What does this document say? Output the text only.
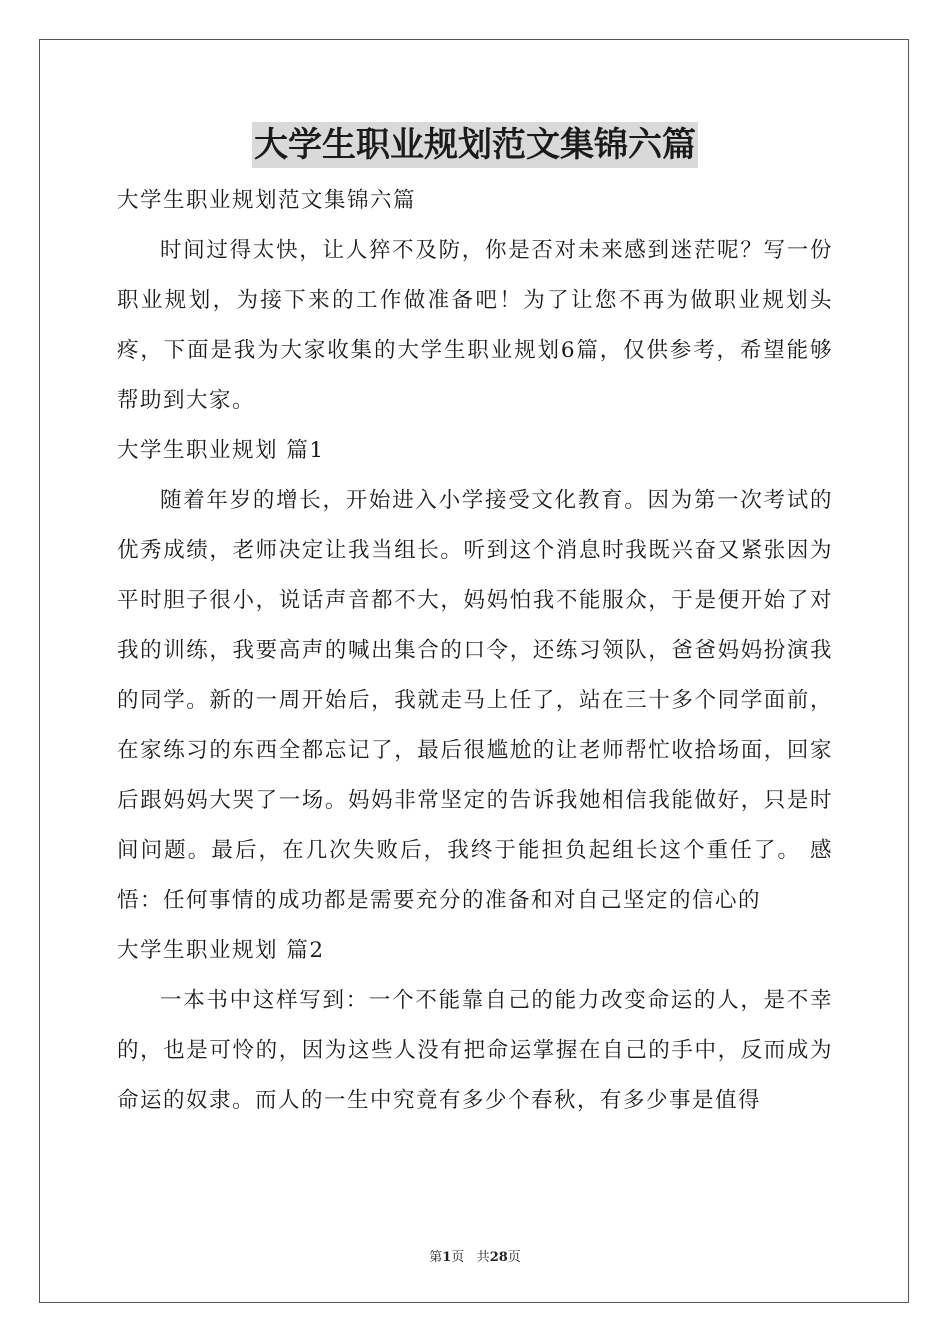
大学生职业规划范文集锦六篇

大学生职业规划范文集锦六篇

时间过得太快，让人猝不及防，你是否对未来感到迷茫呢？写一份职业规划，为接下来的工作做准备吧！为了让您不再为做职业规划头疼，下面是我为大家收集的大学生职业规划6篇，仅供参考，希望能够帮助到大家。

大学生职业规划 篇1

随着年岁的增长，开始进入小学接受文化教育。因为第一次考试的优秀成绩，老师决定让我当组长。听到这个消息时我既兴奋又紧张因为平时胆子很小，说话声音都不大，妈妈怕我不能服众，于是便开始了对我的训练，我要高声的喊出集合的口令，还练习领队，爸爸妈妈扮演我的同学。新的一周开始后，我就走马上任了，站在三十多个同学面前，在家练习的东西全都忘记了，最后很尴尬的让老师帮忙收拾场面，回家后跟妈妈大哭了一场。妈妈非常坚定的告诉我她相信我能做好，只是时间问题。最后，在几次失败后，我终于能担负起组长这个重任了。 感悟：任何事情的成功都是需要充分的准备和对自己坚定的信心的

大学生职业规划 篇2

一本书中这样写到：一个不能靠自己的能力改变命运的人，是不幸的，也是可怜的，因为这些人没有把命运掌握在自己的手中，反而成为命运的奴隶。而人的一生中究竟有多少个春秋，有多少事是值得

第1页 共28页
